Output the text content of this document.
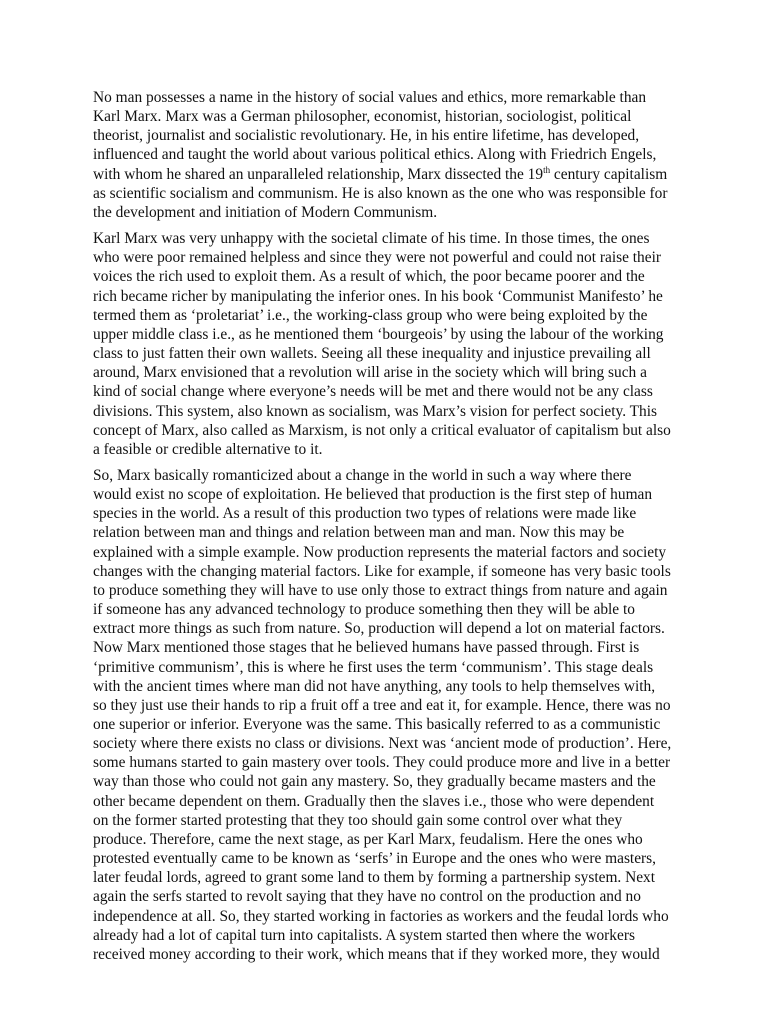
No man possesses a name in the history of social values and ethics, more remarkable than
Karl Marx. Marx was a German philosopher, economist, historian, sociologist, political
theorist, journalist and socialistic revolutionary. He, in his entire lifetime, has developed,
influenced and taught the world about various political ethics. Along with Friedrich Engels,
with whom he shared an unparalleled relationship, Marx dissected the 19th century capitalism
as scientific socialism and communism. He is also known as the one who was responsible for
the development and initiation of Modern Communism.

Karl Marx was very unhappy with the societal climate of his time. In those times, the ones
who were poor remained helpless and since they were not powerful and could not raise their
voices the rich used to exploit them. As a result of which, the poor became poorer and the
rich became richer by manipulating the inferior ones. In his book ‘Communist Manifesto’ he
termed them as ‘proletariat’ i.e., the working-class group who were being exploited by the
upper middle class i.e., as he mentioned them ‘bourgeois’ by using the labour of the working
class to just fatten their own wallets. Seeing all these inequality and injustice prevailing all
around, Marx envisioned that a revolution will arise in the society which will bring such a
kind of social change where everyone’s needs will be met and there would not be any class
divisions. This system, also known as socialism, was Marx’s vision for perfect society. This
concept of Marx, also called as Marxism, is not only a critical evaluator of capitalism but also
a feasible or credible alternative to it.

So, Marx basically romanticized about a change in the world in such a way where there
would exist no scope of exploitation. He believed that production is the first step of human
species in the world. As a result of this production two types of relations were made like
relation between man and things and relation between man and man. Now this may be
explained with a simple example. Now production represents the material factors and society
changes with the changing material factors. Like for example, if someone has very basic tools
to produce something they will have to use only those to extract things from nature and again
if someone has any advanced technology to produce something then they will be able to
extract more things as such from nature. So, production will depend a lot on material factors.
Now Marx mentioned those stages that he believed humans have passed through. First is
‘primitive communism’, this is where he first uses the term ‘communism’. This stage deals
with the ancient times where man did not have anything, any tools to help themselves with,
so they just use their hands to rip a fruit off a tree and eat it, for example. Hence, there was no
one superior or inferior. Everyone was the same. This basically referred to as a communistic
society where there exists no class or divisions. Next was ‘ancient mode of production’. Here,
some humans started to gain mastery over tools. They could produce more and live in a better
way than those who could not gain any mastery. So, they gradually became masters and the
other became dependent on them. Gradually then the slaves i.e., those who were dependent
on the former started protesting that they too should gain some control over what they
produce. Therefore, came the next stage, as per Karl Marx, feudalism. Here the ones who
protested eventually came to be known as ‘serfs’ in Europe and the ones who were masters,
later feudal lords, agreed to grant some land to them by forming a partnership system. Next
again the serfs started to revolt saying that they have no control on the production and no
independence at all. So, they started working in factories as workers and the feudal lords who
already had a lot of capital turn into capitalists. A system started then where the workers
received money according to their work, which means that if they worked more, they would
